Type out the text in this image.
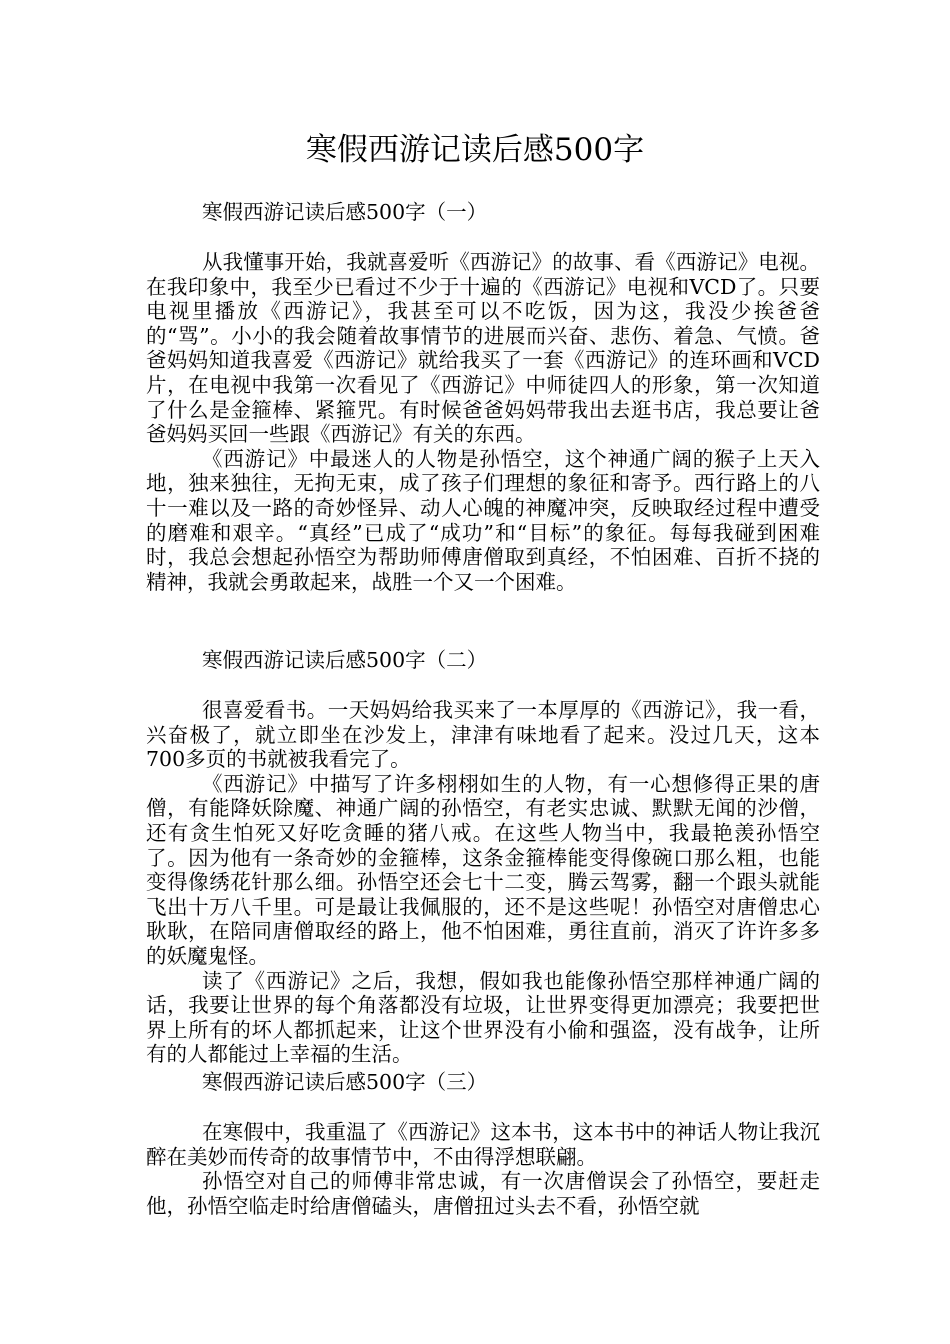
寒假西游记读后感500字
寒假西游记读后感500字（一）

从我懂事开始，我就喜爱听《西游记》的故事、看《西游记》电视。在我印象中，我至少已看过不少于十遍的《西游记》电视和VCD了。只要电视里播放《西游记》，我甚至可以不吃饭，因为这，我没少挨爸爸的“骂”。小小的我会随着故事情节的进展而兴奋、悲伤、着急、气愤。爸爸妈妈知道我喜爱《西游记》就给我买了一套《西游记》的连环画和VCD片，在电视中我第一次看见了《西游记》中师徒四人的形象，第一次知道了什么是金箍棒、紧箍咒。有时候爸爸妈妈带我出去逛书店，我总要让爸爸妈妈买回一些跟《西游记》有关的东西。

《西游记》中最迷人的人物是孙悟空，这个神通广阔的猴子上天入地，独来独往，无拘无束，成了孩子们理想的象征和寄予。西行路上的八十一难以及一路的奇妙怪异、动人心魄的神魔冲突，反映取经过程中遭受的磨难和艰辛。“真经”已成了“成功”和“目标”的象征。每每我碰到困难时，我总会想起孙悟空为帮助师傅唐僧取到真经，不怕困难、百折不挠的精神，我就会勇敢起来，战胜一个又一个困难。

寒假西游记读后感500字（二）

很喜爱看书。一天妈妈给我买来了一本厚厚的《西游记》，我一看，兴奋极了，就立即坐在沙发上，津津有味地看了起来。没过几天，这本700多页的书就被我看完了。

《西游记》中描写了许多栩栩如生的人物，有一心想修得正果的唐僧，有能降妖除魔、神通广阔的孙悟空，有老实忠诚、默默无闻的沙僧，还有贪生怕死又好吃贪睡的猪八戒。在这些人物当中，我最艳羡孙悟空了。因为他有一条奇妙的金箍棒，这条金箍棒能变得像碗口那么粗，也能变得像绣花针那么细。孙悟空还会七十二变，腾云驾雾，翻一个跟头就能飞出十万八千里。可是最让我佩服的，还不是这些呢！孙悟空对唐僧忠心耿耿，在陪同唐僧取经的路上，他不怕困难，勇往直前，消灭了许许多多的妖魔鬼怪。

读了《西游记》之后，我想，假如我也能像孙悟空那样神通广阔的话，我要让世界的每个角落都没有垃圾，让世界变得更加漂亮；我要把世界上所有的坏人都抓起来，让这个世界没有小偷和强盗，没有战争，让所有的人都能过上幸福的生活。

寒假西游记读后感500字（三）

在寒假中，我重温了《西游记》这本书，这本书中的神话人物让我沉醉在美妙而传奇的故事情节中，不由得浮想联翩。

孙悟空对自己的师傅非常忠诚，有一次唐僧误会了孙悟空，要赶走他，孙悟空临走时给唐僧磕头，唐僧扭过头去不看，孙悟空就
